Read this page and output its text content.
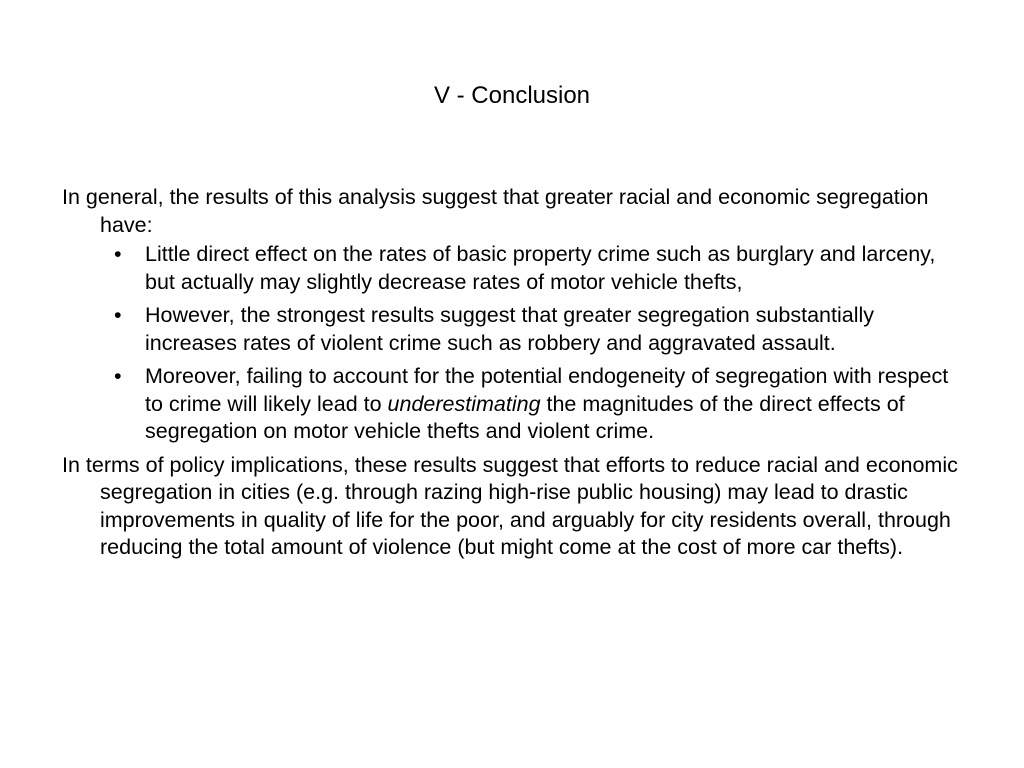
V - Conclusion

In general, the results of this analysis suggest that greater racial and economic segregation have:

• Little direct effect on the rates of basic property crime such as burglary and larceny, but actually may slightly decrease rates of motor vehicle thefts,
• However, the strongest results suggest that greater segregation substantially increases rates of violent crime such as robbery and aggravated assault.
• Moreover, failing to account for the potential endogeneity of segregation with respect to crime will likely lead to underestimating the magnitudes of the direct effects of segregation on motor vehicle thefts and violent crime.

In terms of policy implications, these results suggest that efforts to reduce racial and economic segregation in cities (e.g. through razing high-rise public housing) may lead to drastic improvements in quality of life for the poor, and arguably for city residents overall, through reducing the total amount of violence (but might come at the cost of more car thefts).
